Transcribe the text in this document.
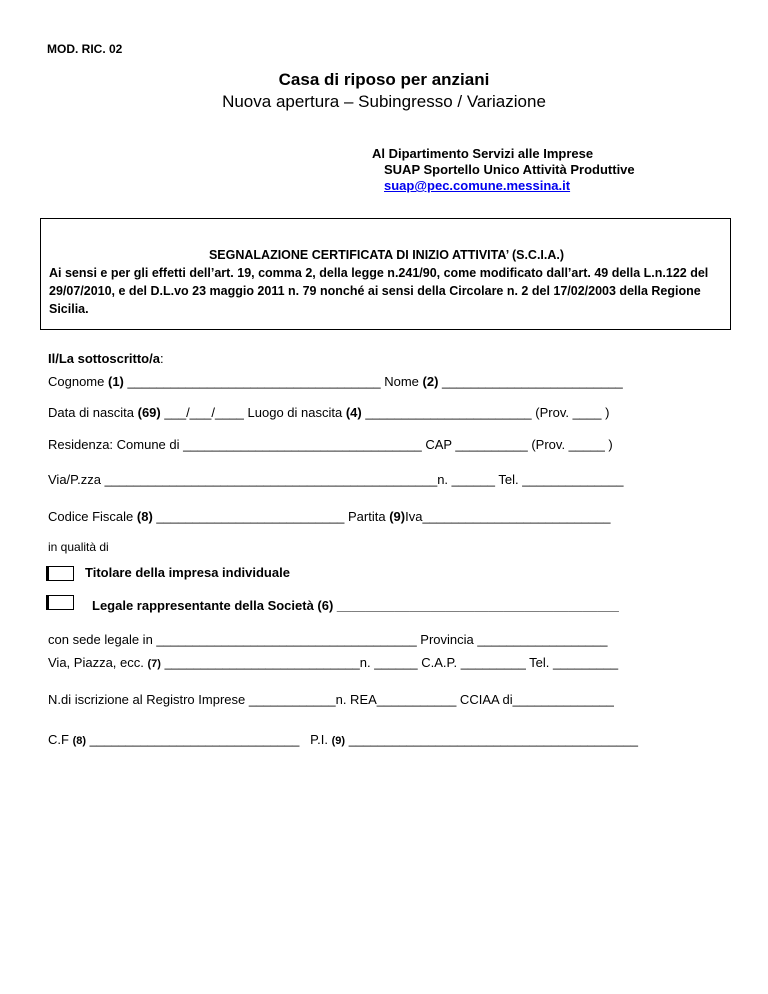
MOD. RIC. 02
Casa di riposo per anziani
Nuova apertura – Subingresso / Variazione
Al Dipartimento Servizi alle Imprese
SUAP Sportello Unico Attività Produttive
suap@pec.comune.messina.it
SEGNALAZIONE CERTIFICATA DI INIZIO ATTIVITA’ (S.C.I.A.)
Ai sensi e per gli effetti dell’art. 19, comma 2, della legge n.241/90, come modificato dall’art. 49 della L.n.122 del 29/07/2010, e del D.L.vo 23 maggio 2011 n. 79 nonché ai sensi della Circolare n. 2 del 17/02/2003 della Regione Sicilia.
Il/La sottoscritto/a:
Cognome (1) ___________________________________ Nome (2) _________________________
Data di nascita (69) ___/___/____ Luogo di nascita (4) _______________________ (Prov. ____ )
Residenza: Comune di _________________________________ CAP __________ (Prov. _____ )
Via/P.zza ______________________________________________n. ______ Tel. ______________
Codice Fiscale (8) __________________________ Partita (9)Iva__________________________
in qualità di
Titolare della impresa individuale
Legale rappresentante della Società (6) _______________________________________
con sede legale in ____________________________________ Provincia __________________
Via, Piazza, ecc. (7) ___________________________n. ______ C.A.P. _________ Tel. _________
N.di iscrizione al Registro Imprese ____________n. REA___________ CCIAA di______________
C.F (8) _____________________________ P.I. (9) ________________________________________
